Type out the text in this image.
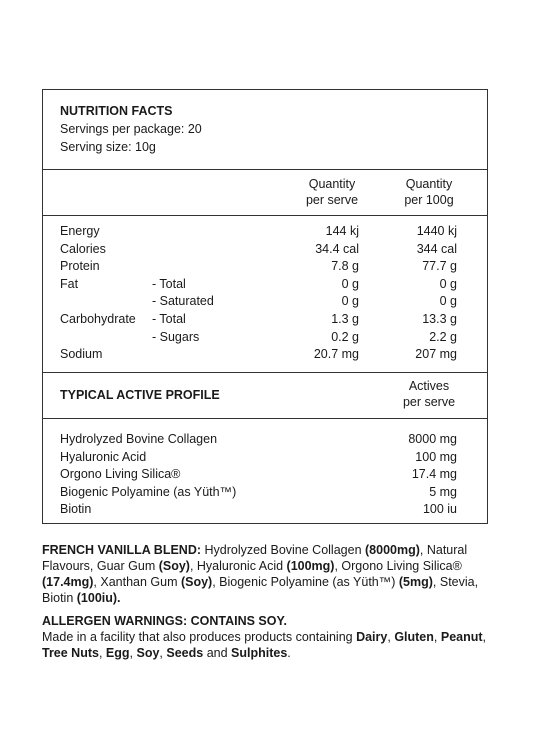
NUTRITION FACTS
Servings per package: 20
Serving size: 10g
Quantity
per serve
Quantity
per 100g
Energy	144 kj	1440 kj
Calories	34.4 cal	344 cal
Protein	7.8 g	77.7 g
Fat	- Total	0 g	0 g
- Saturated	0 g	0 g
Carbohydrate - Total	1.3 g	13.3 g
- Sugars	0.2 g	2.2 g
Sodium	20.7 mg	207 mg
TYPICAL ACTIVE PROFILE
Actives
per serve
Hydrolyzed Bovine Collagen	8000 mg
Hyaluronic Acid	100 mg
Orgono Living Silica®	17.4 mg
Biogenic Polyamine (as Yüth™)	5 mg
Biotin	100 iu

FRENCH VANILLA BLEND: Hydrolyzed Bovine Collagen (8000mg), Natural Flavours, Guar Gum (Soy), Hyaluronic Acid (100mg), Orgono Living Silica® (17.4mg), Xanthan Gum (Soy), Biogenic Polyamine (as Yüth™) (5mg), Stevia, Biotin (100iu).

ALLERGEN WARNINGS: CONTAINS SOY.

Made in a facility that also produces products containing Dairy, Gluten, Peanut, Tree Nuts, Egg, Soy, Seeds and Sulphites.
